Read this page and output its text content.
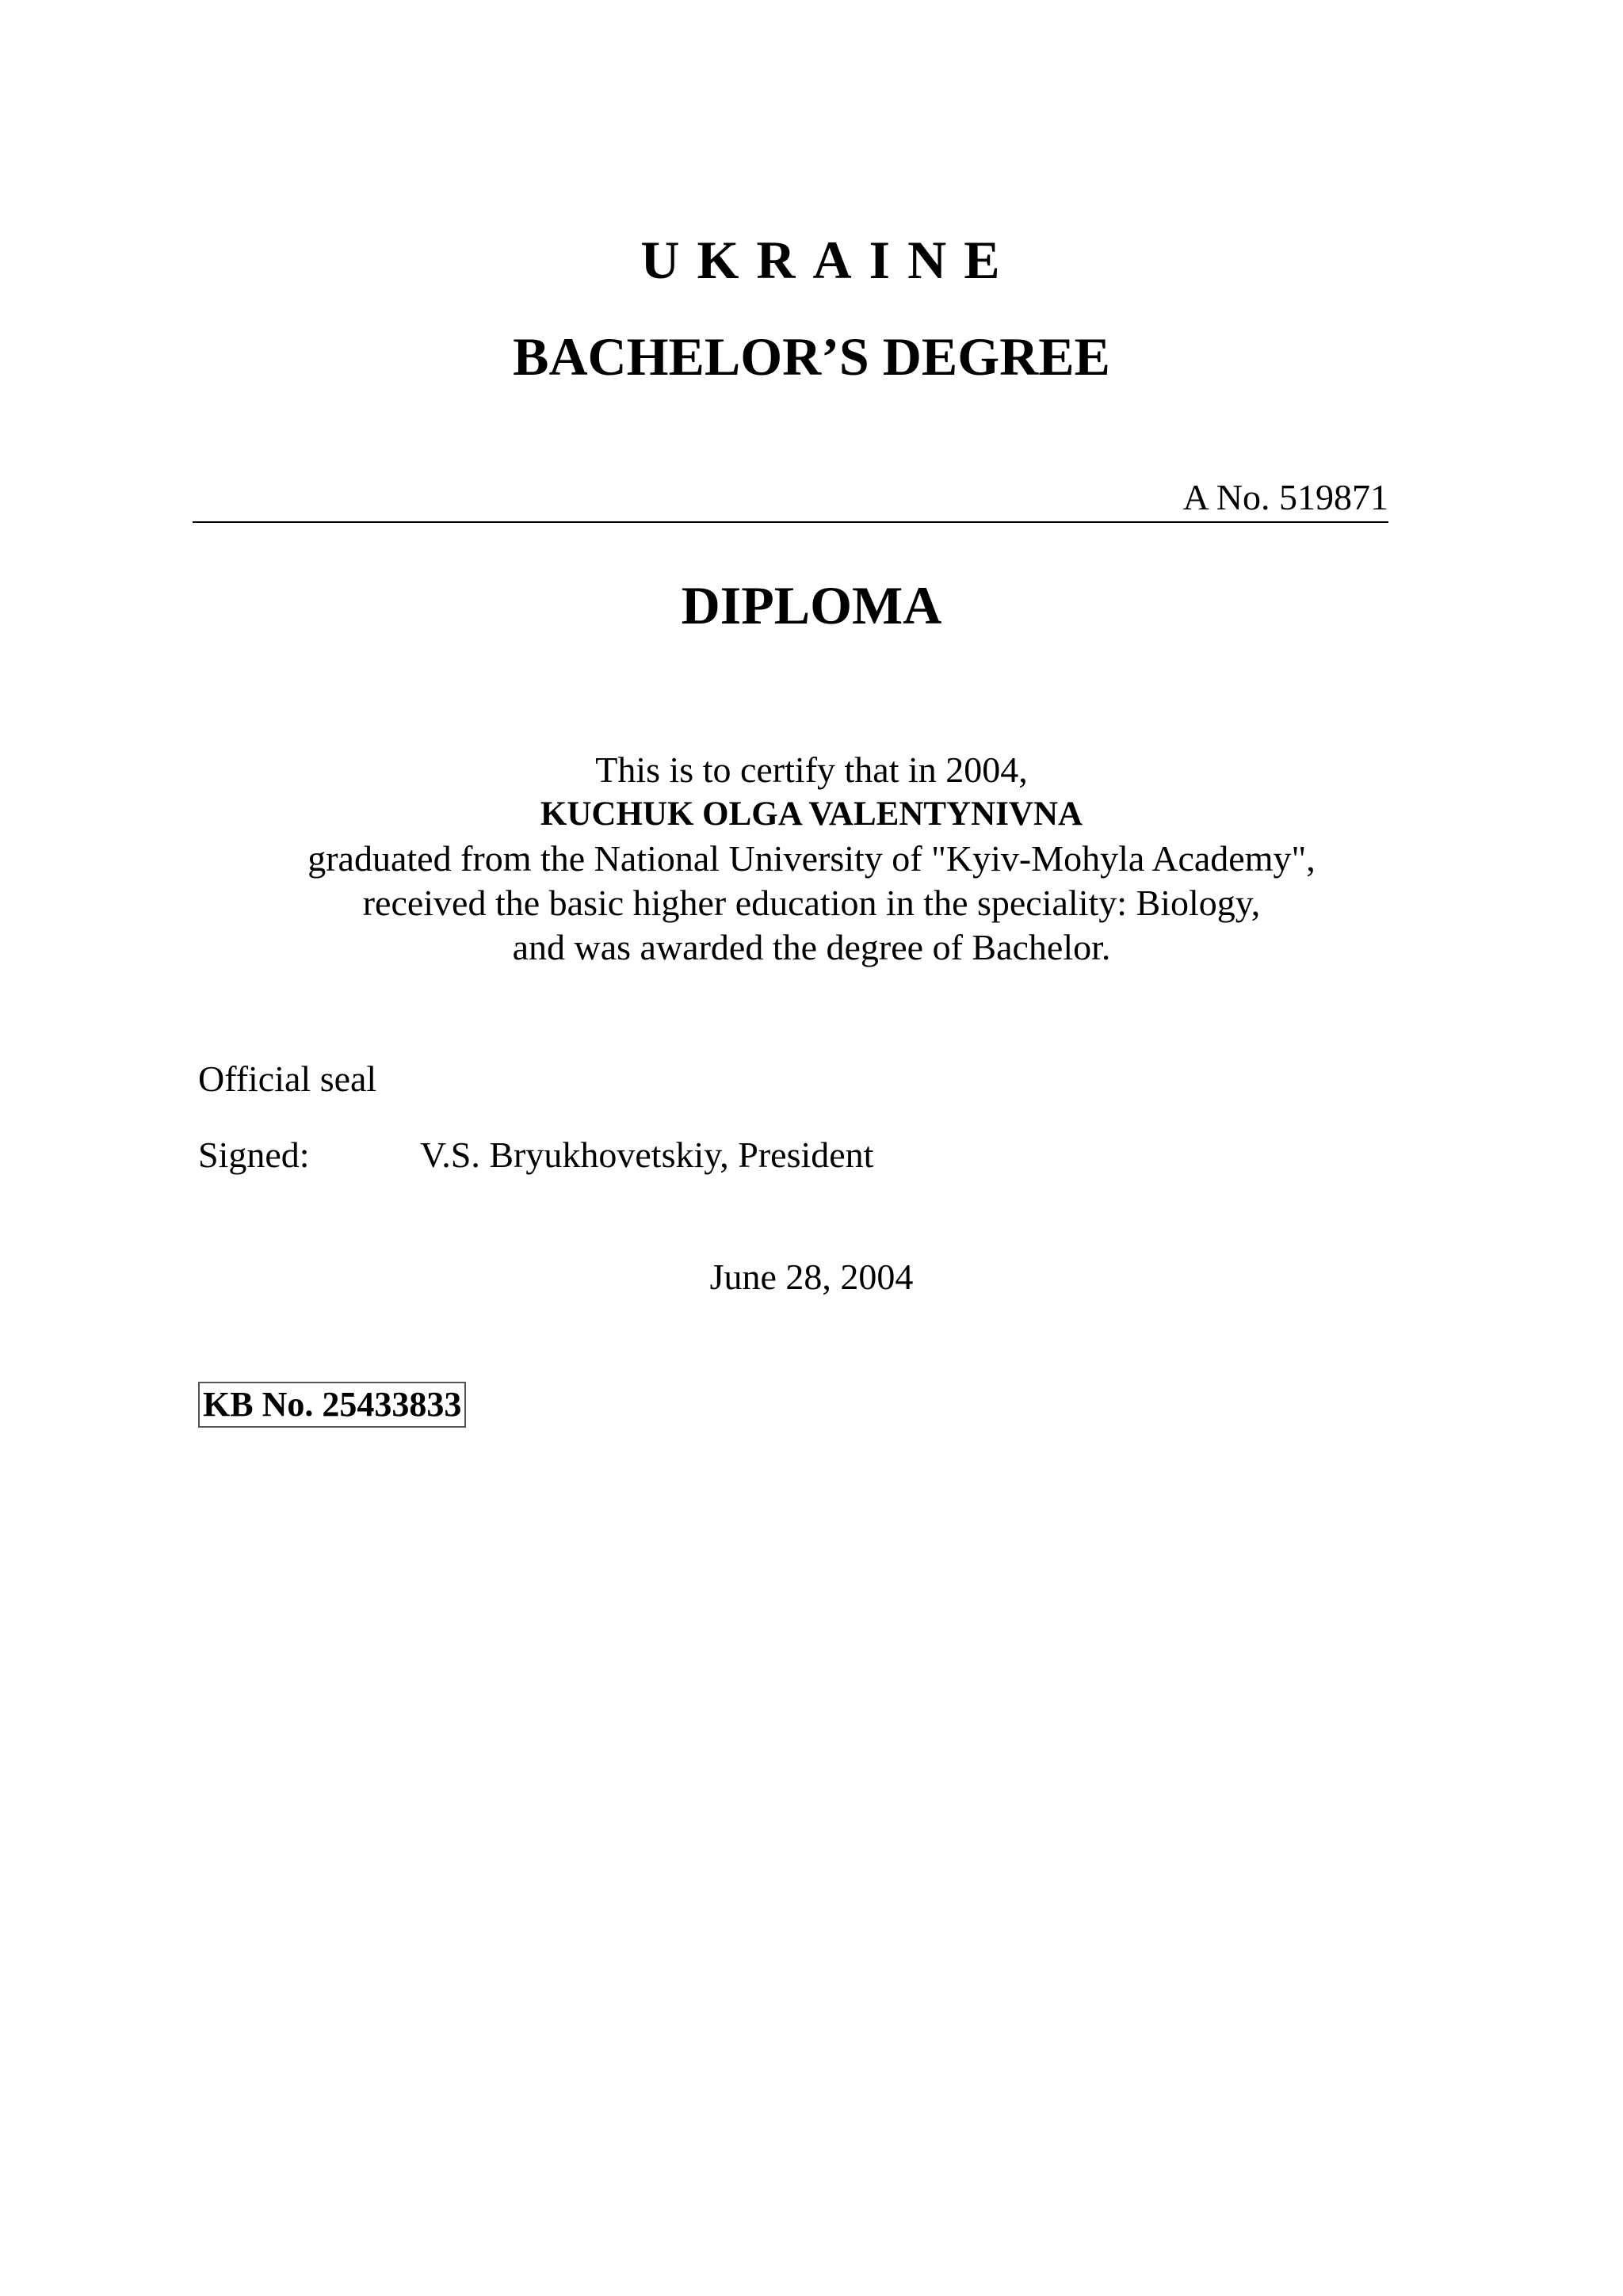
UKRAINE
BACHELOR’S DEGREE
A No. 519871
DIPLOMA
This is to certify that in 2004,
KUCHUK OLGA VALENTYNIVNA
graduated from the National University of "Kyiv-Mohyla Academy",
received the basic higher education in the speciality: Biology,
and was awarded the degree of Bachelor.
Official seal
Signed:	V.S. Bryukhovetskiy, President
June 28, 2004
KB No. 25433833
